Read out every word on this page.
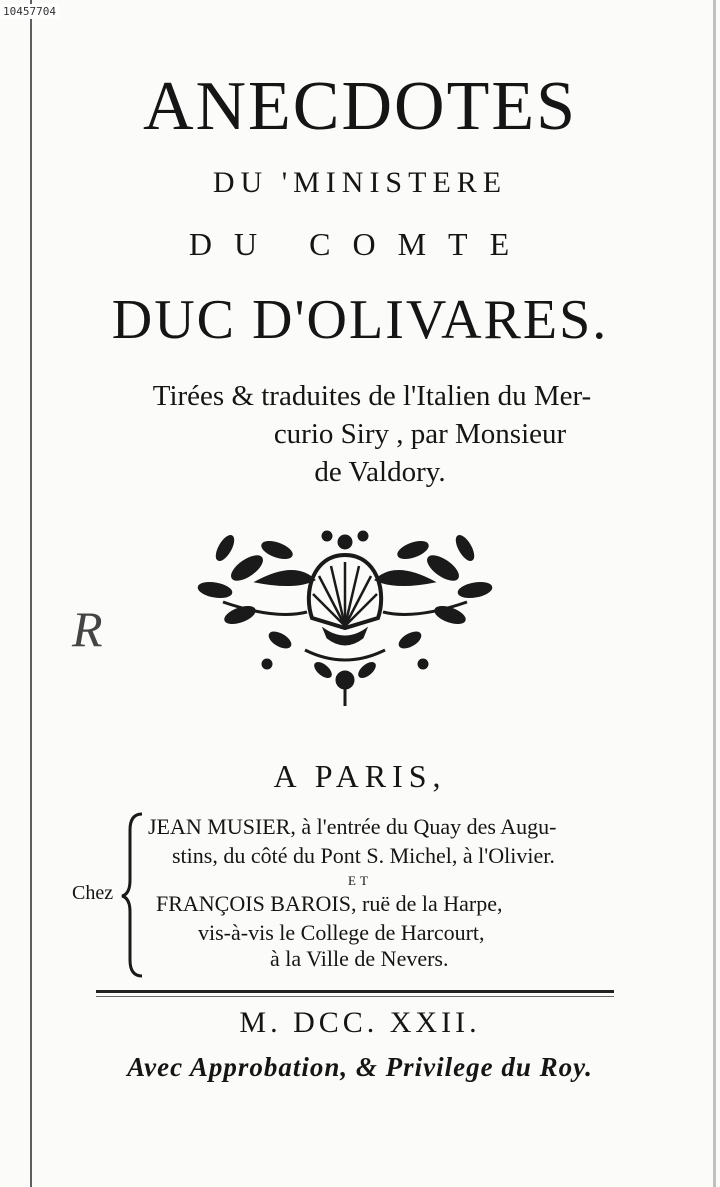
10457704
ANECDOTES
DU 'MINISTERE
DU COMTE
DUC D'OLIVARES.
Tirées & traduites de l'Italien du Mer-
curio Siry , par Monsieur
de Valdory.
R
A PARIS,
Chez
JEAN MUSIER, à l'entrée du Quay des Augu-
stins, du côté du Pont S. Michel, à l'Olivier.
ET
FRANÇOIS BAROIS, ruë de la Harpe,
vis-à-vis le College de Harcourt,
à la Ville de Nevers.
M. DCC. XXII.
Avec Approbation, & Privilege du Roy.
